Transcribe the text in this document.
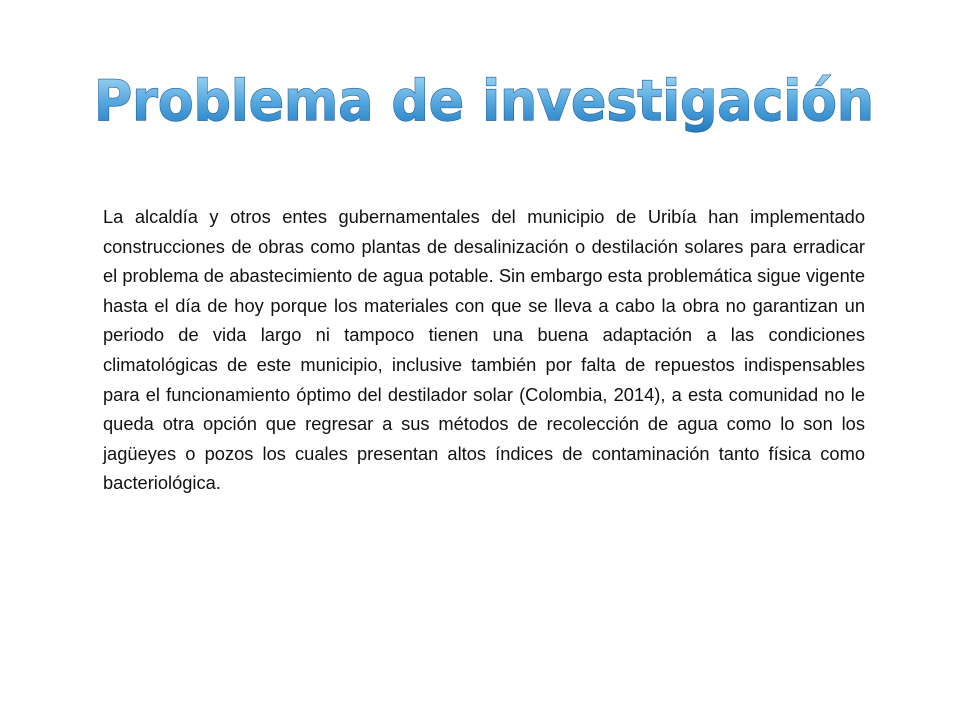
Problema de investigación

La alcaldía y otros entes gubernamentales del municipio de Uribía han implementado construcciones de obras como plantas de desalinización o destilación solares para erradicar el problema de abastecimiento de agua potable. Sin embargo esta problemática sigue vigente hasta el día de hoy porque los materiales con que se lleva a cabo la obra no garantizan un periodo de vida largo ni tampoco tienen una buena adaptación a las condiciones climatológicas de este municipio, inclusive también por falta de repuestos indispensables para el funcionamiento óptimo del destilador solar (Colombia, 2014), a esta comunidad no le queda otra opción que regresar a sus métodos de recolección de agua como lo son los jagüeyes o pozos los cuales presentan altos índices de contaminación tanto física como bacteriológica.
